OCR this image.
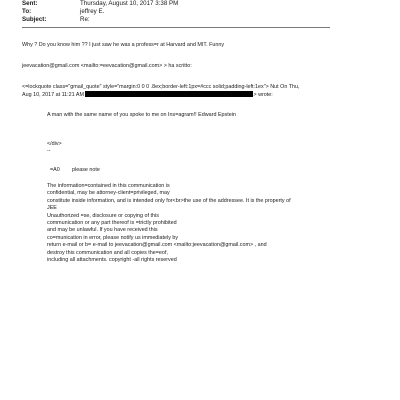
Sent:	Thursday, August 10, 2017 3:38 PM
To:	jeffrey E.
Subject:	Re:
Why ? Do you know him ?? I just saw he was a profess=r at Harvard and MIT. Funny
jeevacation@gmail.com <mailto:=eevacation@gmail.com> > ha scritto:
<=lockquote class="gmail_quote" style="margin:0 0 0 .8ex;border-left:1px=#ccc solid;padding-left:1ex"> Nut On Thu,
Aug 10, 2017 at 11:21 AM	> wrote:
A man with the same name of you spoke to me on Ins=agram!! Edward Epstein
</div>
--
=A0 please note
The information=contained in this communication is
confidential, may be attorney-client=privileged, may
constitute inside information, and is intended only for<br>the use of the addressee. It is the property of
JEE
Unauthorized =se, disclosure or copying of this
communication or any part thereof is =trictly prohibited
and may be unlawful. If you have received this
co=munication in error, please notify us immediately by
return e-mail or b= e-mail to jeevacation@gmail.com <mailto:jeevacation@gmail.com> , and
destroy this communication and all copies the=eof,
including all attachments. copyright -all rights reserved
